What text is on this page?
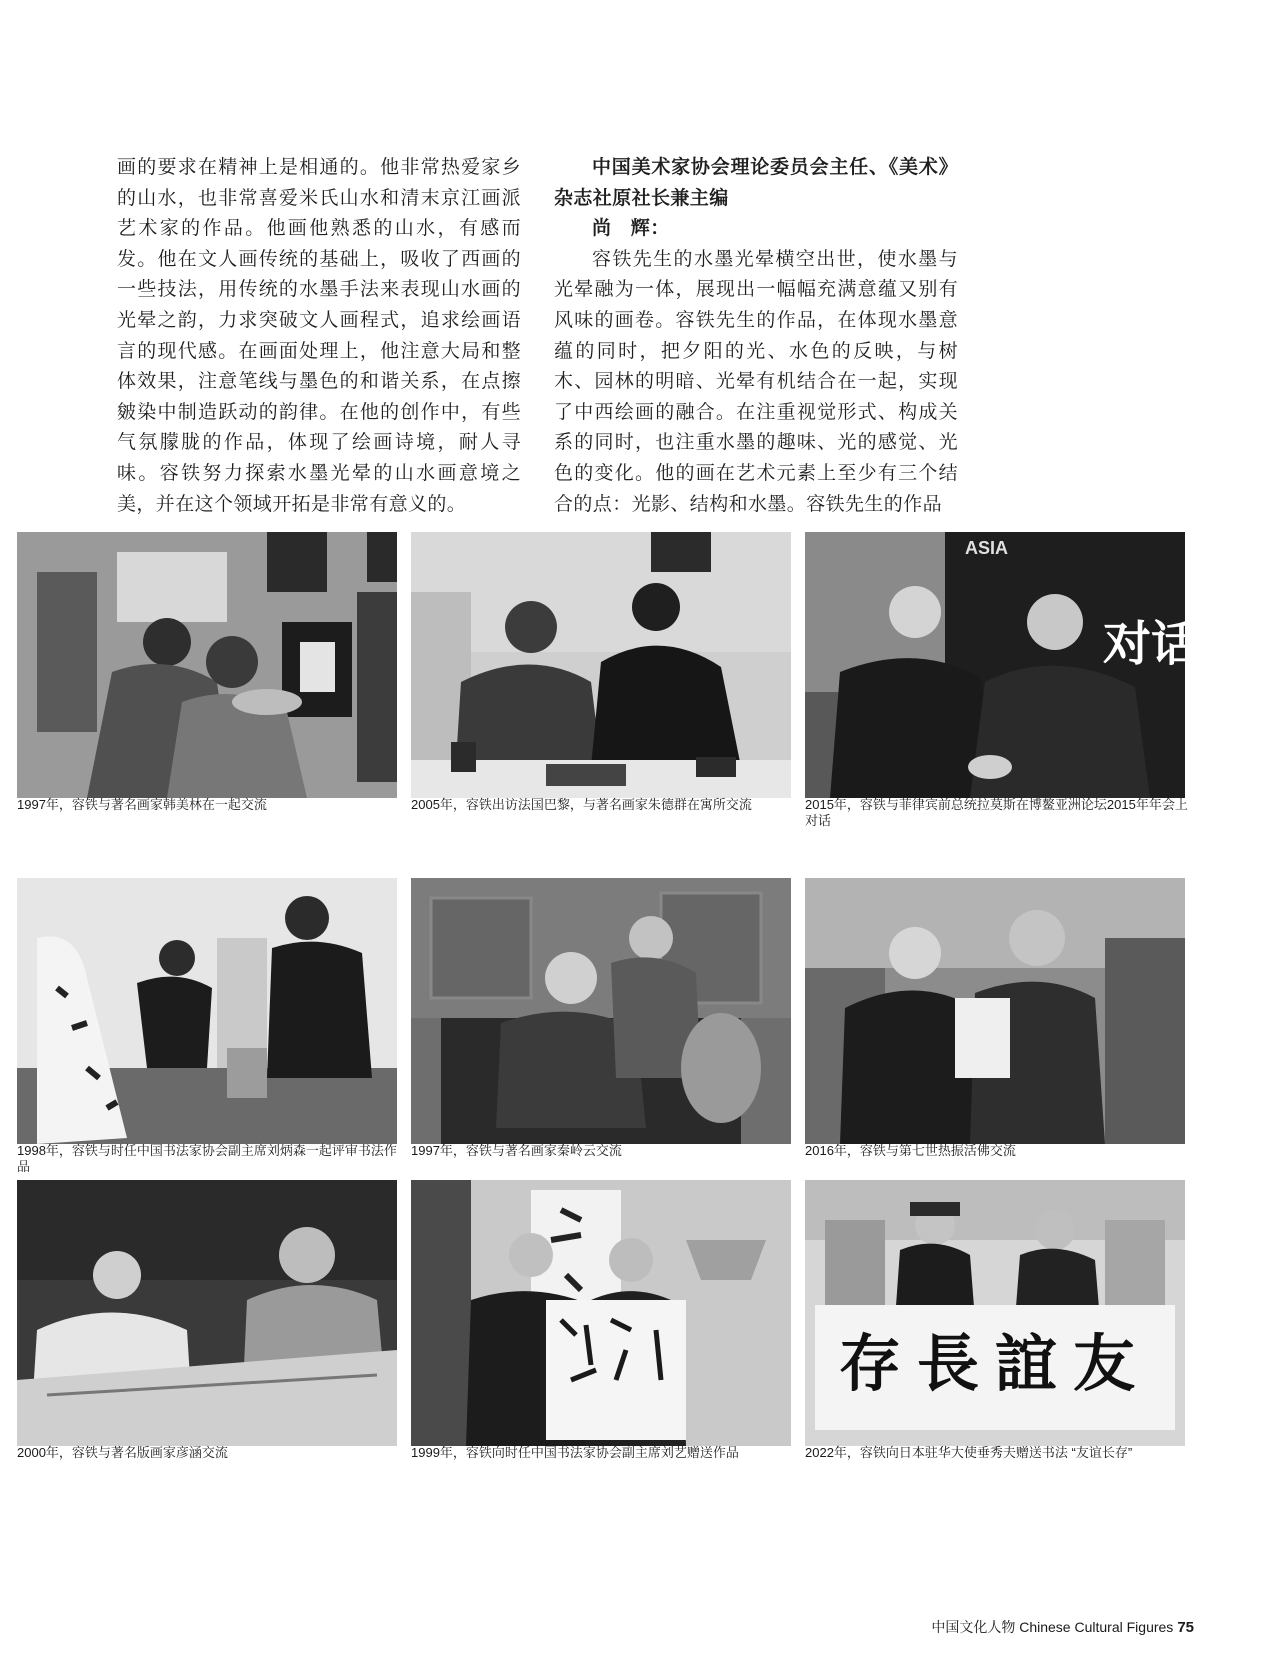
画的要求在精神上是相通的。他非常热爱家乡的山水，也非常喜爱米氏山水和清末京江画派艺术家的作品。他画他熟悉的山水，有感而发。他在文人画传统的基础上，吸收了西画的一些技法，用传统的水墨手法来表现山水画的光晕之韵，力求突破文人画程式，追求绘画语言的现代感。在画面处理上，他注意大局和整体效果，注意笔线与墨色的和谐关系，在点擦皴染中制造跃动的韵律。在他的创作中，有些气氛朦胧的作品，体现了绘画诗境，耐人寻味。容铁努力探索水墨光晕的山水画意境之美，并在这个领域开拓是非常有意义的。

中国美术家协会理论委员会主任、《美术》杂志社原社长兼主编

尚　辉：

容铁先生的水墨光晕横空出世，使水墨与光晕融为一体，展现出一幅幅充满意蕴又别有风味的画卷。容铁先生的作品，在体现水墨意蕴的同时，把夕阳的光、水色的反映，与树木、园林的明暗、光晕有机结合在一起，实现了中西绘画的融合。在注重视觉形式、构成关系的同时，也注重水墨的趣味、光的感觉、光色的变化。他的画在艺术元素上至少有三个结合的点：光影、结构和水墨。容铁先生的作品

1997年，容铁与著名画家韩美林在一起交流	2005年，容铁出访法国巴黎，与著名画家朱德群在寓所交流
ASIA
对话
2015年，容铁与菲律宾前总统拉莫斯在博鳌亚洲论坛2015年年会上对话
1998年，容铁与时任中国书法家协会副主席刘炳森一起评审书法作品
1997年，容铁与著名画家秦岭云交流	2016年，容铁与第七世热振活佛交流
2000年，容铁与著名版画家彦涵交流	1999年，容铁向时任中国书法家协会副主席刘艺赠送作品
存長誼友
2022年，容铁向日本驻华大使垂秀夫赠送书法 “友谊长存”
中国文化人物 Chinese Cultural Figures 75
